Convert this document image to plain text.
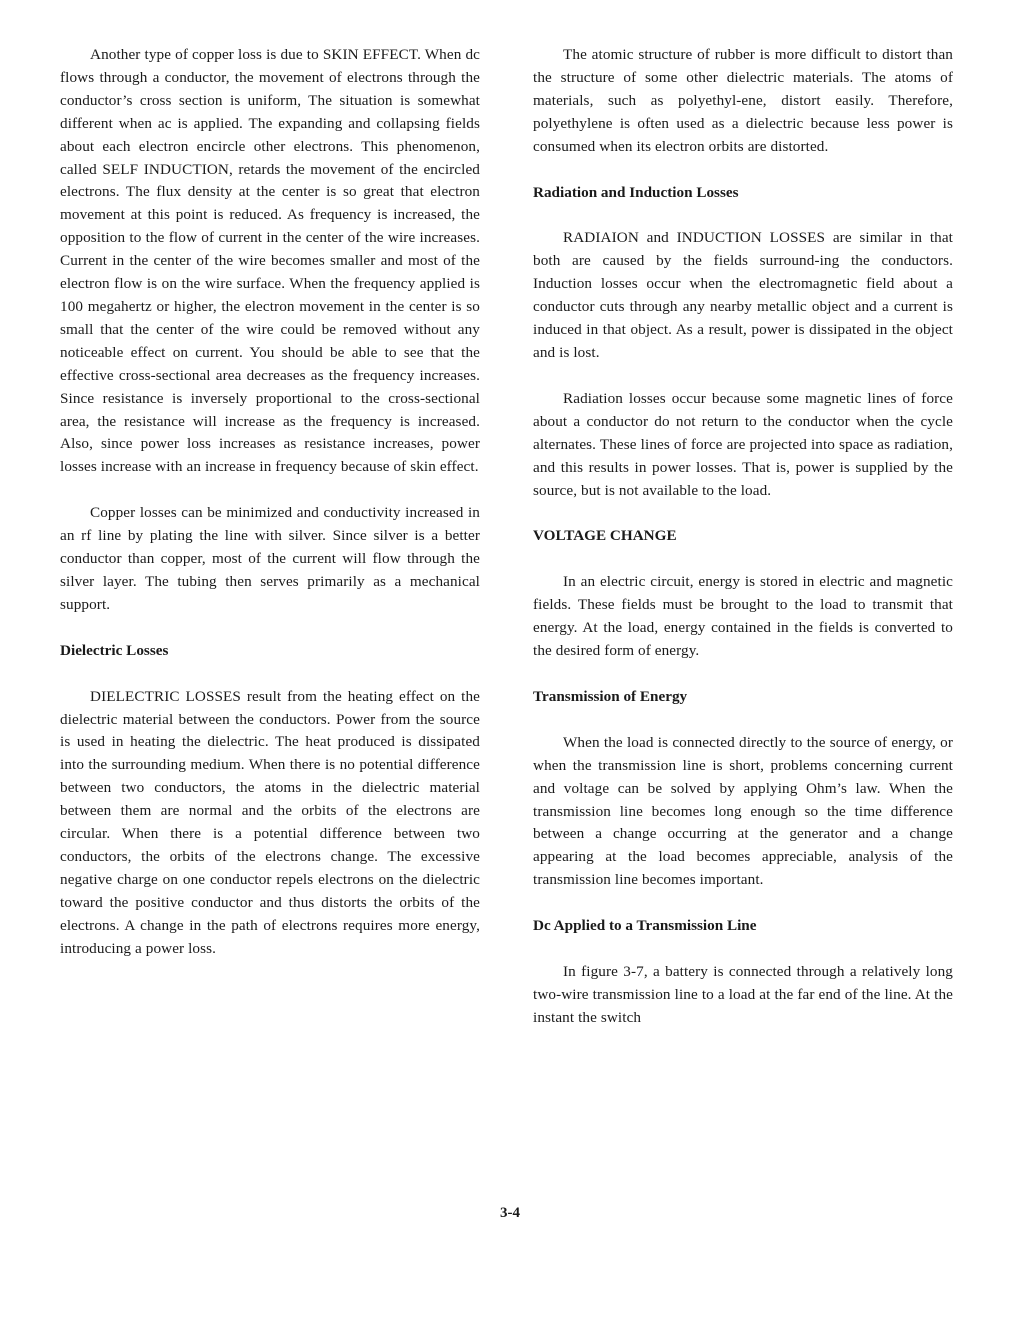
Another type of copper loss is due to SKIN EFFECT. When dc flows through a conductor, the movement of electrons through the conductor’s cross section is uniform, The situation is somewhat different when ac is applied. The expanding and collapsing fields about each electron encircle other electrons. This phenomenon, called SELF INDUCTION, retards the movement of the encircled electrons. The flux density at the center is so great that electron movement at this point is reduced. As frequency is increased, the opposition to the flow of current in the center of the wire increases. Current in the center of the wire becomes smaller and most of the electron flow is on the wire surface. When the frequency applied is 100 megahertz or higher, the electron movement in the center is so small that the center of the wire could be removed without any noticeable effect on current. You should be able to see that the effective cross-sectional area decreases as the frequency increases. Since resistance is inversely proportional to the cross-sectional area, the resistance will increase as the frequency is increased. Also, since power loss increases as resistance increases, power losses increase with an increase in frequency because of skin effect.

Copper losses can be minimized and conductivity increased in an rf line by plating the line with silver. Since silver is a better conductor than copper, most of the current will flow through the silver layer. The tubing then serves primarily as a mechanical support.

Dielectric Losses

DIELECTRIC LOSSES result from the heating effect on the dielectric material between the conductors. Power from the source is used in heating the dielectric. The heat produced is dissipated into the surrounding medium. When there is no potential difference between two conductors, the atoms in the dielectric material between them are normal and the orbits of the electrons are circular. When there is a potential difference between two conductors, the orbits of the electrons change. The excessive negative charge on one conductor repels electrons on the dielectric toward the positive conductor and thus distorts the orbits of the electrons. A change in the path of electrons requires more energy, introducing a power loss.

The atomic structure of rubber is more difficult to distort than the structure of some other dielectric materials. The atoms of materials, such as polyethyl-ene, distort easily. Therefore, polyethylene is often used as a dielectric because less power is consumed when its electron orbits are distorted.

Radiation and Induction Losses

RADIAION and INDUCTION LOSSES are similar in that both are caused by the fields surround-ing the conductors. Induction losses occur when the electromagnetic field about a conductor cuts through any nearby metallic object and a current is induced in that object. As a result, power is dissipated in the object and is lost.

Radiation losses occur because some magnetic lines of force about a conductor do not return to the conductor when the cycle alternates. These lines of force are projected into space as radiation, and this results in power losses. That is, power is supplied by the source, but is not available to the load.

VOLTAGE CHANGE

In an electric circuit, energy is stored in electric and magnetic fields. These fields must be brought to the load to transmit that energy. At the load, energy contained in the fields is converted to the desired form of energy.

Transmission of Energy

When the load is connected directly to the source of energy, or when the transmission line is short, problems concerning current and voltage can be solved by applying Ohm’s law. When the transmission line becomes long enough so the time difference between a change occurring at the generator and a change appearing at the load becomes appreciable, analysis of the transmission line becomes important.

Dc Applied to a Transmission Line

In figure 3-7, a battery is connected through a relatively long two-wire transmission line to a load at the far end of the line. At the instant the switch

3-4
